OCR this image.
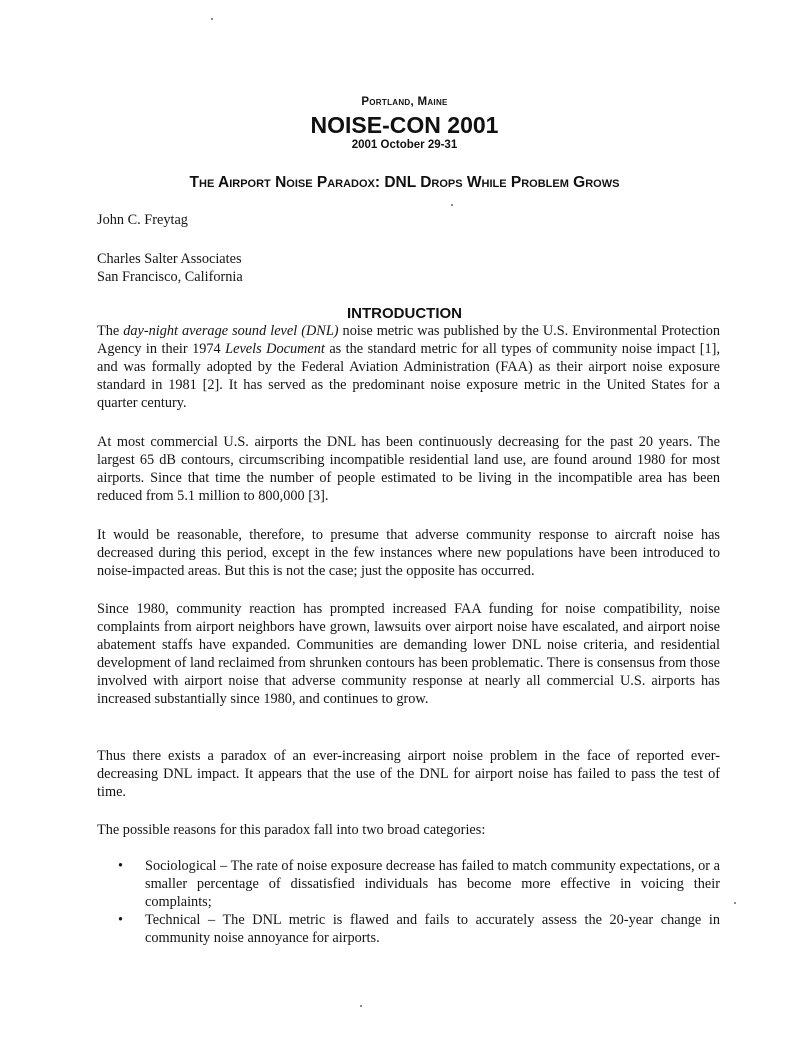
Portland, Maine
NOISE-CON 2001
2001 October 29-31
The Airport Noise Paradox: DNL Drops While Problem Grows
John C. Freytag
Charles Salter Associates
San Francisco, California
INTRODUCTION
The day-night average sound level (DNL) noise metric was published by the U.S. Environmental Protection Agency in their 1974 Levels Document as the standard metric for all types of community noise impact [1], and was formally adopted by the Federal Aviation Administration (FAA) as their airport noise exposure standard in 1981 [2]. It has served as the predominant noise exposure metric in the United States for a quarter century.
At most commercial U.S. airports the DNL has been continuously decreasing for the past 20 years. The largest 65 dB contours, circumscribing incompatible residential land use, are found around 1980 for most airports. Since that time the number of people estimated to be living in the incompatible area has been reduced from 5.1 million to 800,000 [3].
It would be reasonable, therefore, to presume that adverse community response to aircraft noise has decreased during this period, except in the few instances where new populations have been introduced to noise-impacted areas. But this is not the case; just the opposite has occurred.
Since 1980, community reaction has prompted increased FAA funding for noise compatibility, noise complaints from airport neighbors have grown, lawsuits over airport noise have escalated, and airport noise abatement staffs have expanded. Communities are demanding lower DNL noise criteria, and residential development of land reclaimed from shrunken contours has been problematic. There is consensus from those involved with airport noise that adverse community response at nearly all commercial U.S. airports has increased substantially since 1980, and continues to grow.
Thus there exists a paradox of an ever-increasing airport noise problem in the face of reported ever-decreasing DNL impact. It appears that the use of the DNL for airport noise has failed to pass the test of time.
The possible reasons for this paradox fall into two broad categories:
• Sociological – The rate of noise exposure decrease has failed to match community expectations, or a smaller percentage of dissatisfied individuals has become more effective in voicing their complaints;
• Technical – The DNL metric is flawed and fails to accurately assess the 20-year change in community noise annoyance for airports.
